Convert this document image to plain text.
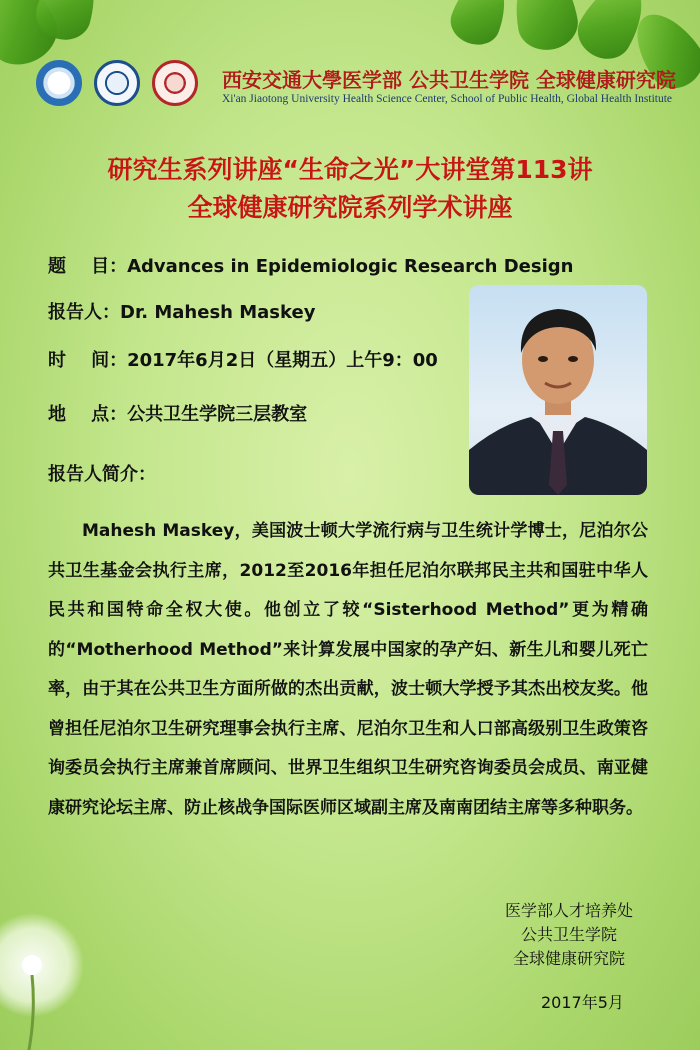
西安交通大學医学部 公共卫生学院 全球健康研究院
Xi'an Jiaotong University Health Science Center, School of Public Health, Global Health Institute
研究生系列讲座“生命之光”大讲堂第113讲
全球健康研究院系列学术讲座
题    目：Advances in Epidemiologic Research Design
报告人：Dr. Mahesh Maskey
时    间：2017年6月2日（星期五）上午9：00
地    点：公共卫生学院三层教室
报告人简介：

Mahesh Maskey，美国波士顿大学流行病与卫生统计学博士，尼泊尔公共卫生基金会执行主席，2012至2016年担任尼泊尔联邦民主共和国驻中华人民共和国特命全权大使。他创立了较“Sisterhood Method”更为精确的“Motherhood Method”来计算发展中国家的孕产妇、新生儿和婴儿死亡率，由于其在公共卫生方面所做的杰出贡献，波士顿大学授予其杰出校友奖。他曾担任尼泊尔卫生研究理事会执行主席、尼泊尔卫生和人口部高级别卫生政策咨询委员会执行主席兼首席顾问、世界卫生组织卫生研究咨询委员会成员、南亚健康研究论坛主席、防止核战争国际医师区域副主席及南南团结主席等多种职务。

医学部人才培养处
公共卫生学院
全球健康研究院
2017年5月
